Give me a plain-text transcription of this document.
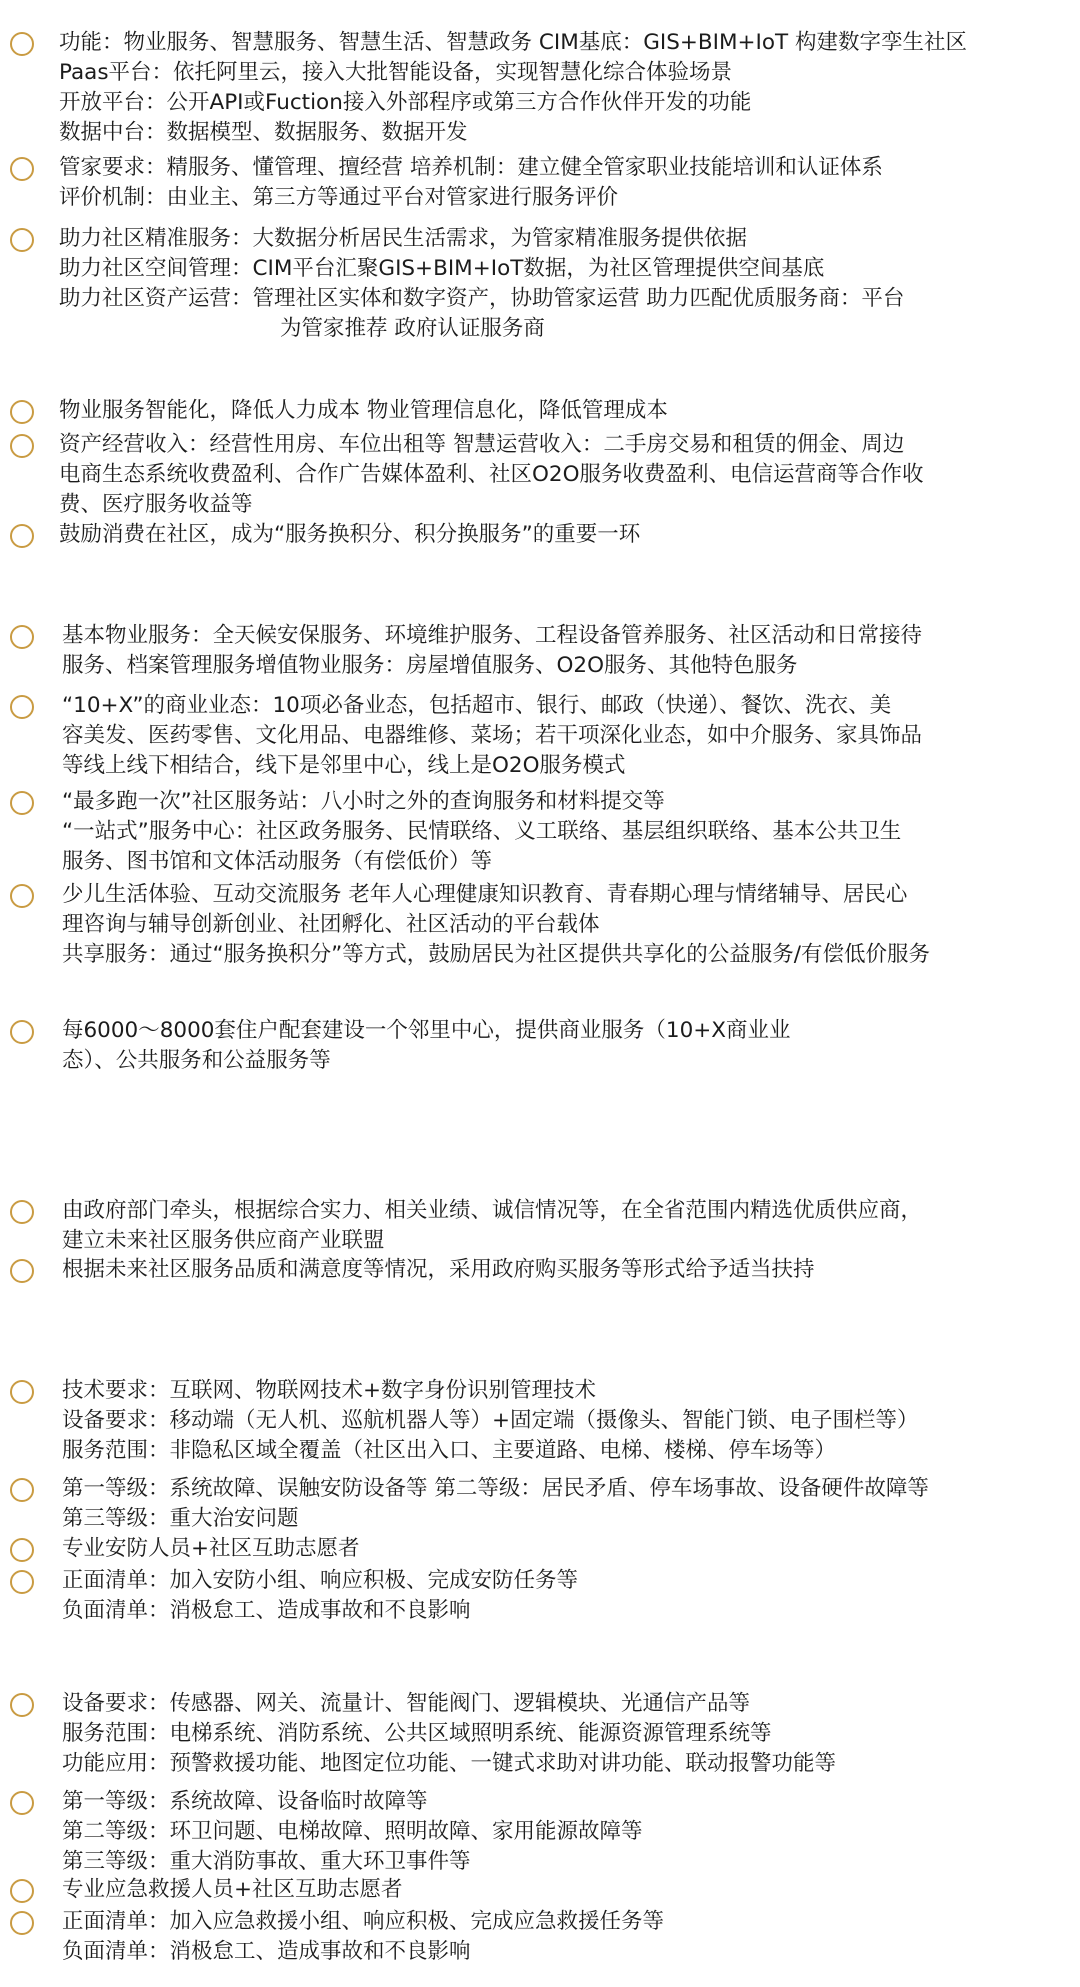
功能：物业服务、智慧服务、智慧生活、智慧政务 CIM基底：GIS+BIM+IoT 构建数字孪生社区
Paas平台：依托阿里云，接入大批智能设备，实现智慧化综合体验场景
开放平台：公开API或Fuction接入外部程序或第三方合作伙伴开发的功能
数据中台：数据模型、数据服务、数据开发
管家要求：精服务、懂管理、擅经营 培养机制：建立健全管家职业技能培训和认证体系
评价机制：由业主、第三方等通过平台对管家进行服务评价
助力社区精准服务：大数据分析居民生活需求，为管家精准服务提供依据
助力社区空间管理：CIM平台汇聚GIS+BIM+IoT数据，为社区管理提供空间基底
助力社区资产运营：管理社区实体和数字资产，协助管家运营 助力匹配优质服务商：平台
为管家推荐 政府认证服务商
物业服务智能化，降低人力成本 物业管理信息化，降低管理成本
资产经营收入：经营性用房、车位出租等 智慧运营收入：二手房交易和租赁的佣金、周边
电商生态系统收费盈利、合作广告媒体盈利、社区O2O服务收费盈利、电信运营商等合作收
费、医疗服务收益等
鼓励消费在社区，成为“服务换积分、积分换服务”的重要一环
基本物业服务：全天候安保服务、环境维护服务、工程设备管养服务、社区活动和日常接待
服务、档案管理服务增值物业服务：房屋增值服务、O2O服务、其他特色服务
“10+X”的商业业态：10项必备业态，包括超市、银行、邮政（快递）、餐饮、洗衣、美
容美发、医药零售、文化用品、电器维修、菜场；若干项深化业态，如中介服务、家具饰品
等线上线下相结合，线下是邻里中心，线上是O2O服务模式
“最多跑一次”社区服务站：八小时之外的查询服务和材料提交等
“一站式”服务中心：社区政务服务、民情联络、义工联络、基层组织联络、基本公共卫生
服务、图书馆和文体活动服务（有偿低价）等
少儿生活体验、互动交流服务 老年人心理健康知识教育、青春期心理与情绪辅导、居民心
理咨询与辅导创新创业、社团孵化、社区活动的平台载体
共享服务：通过“服务换积分”等方式，鼓励居民为社区提供共享化的公益服务/有偿低价服务
每6000～8000套住户配套建设一个邻里中心，提供商业服务（10+X商业业
态）、公共服务和公益服务等
由政府部门牵头，根据综合实力、相关业绩、诚信情况等，在全省范围内精选优质供应商，
建立未来社区服务供应商产业联盟
根据未来社区服务品质和满意度等情况，采用政府购买服务等形式给予适当扶持
技术要求：互联网、物联网技术+数字身份识别管理技术
设备要求：移动端（无人机、巡航机器人等）+固定端（摄像头、智能门锁、电子围栏等）
服务范围：非隐私区域全覆盖（社区出入口、主要道路、电梯、楼梯、停车场等）
第一等级：系统故障、误触安防设备等 第二等级：居民矛盾、停车场事故、设备硬件故障等
第三等级：重大治安问题
专业安防人员+社区互助志愿者
正面清单：加入安防小组、响应积极、完成安防任务等
负面清单：消极怠工、造成事故和不良影响
设备要求：传感器、网关、流量计、智能阀门、逻辑模块、光通信产品等
服务范围：电梯系统、消防系统、公共区域照明系统、能源资源管理系统等
功能应用：预警救援功能、地图定位功能、一键式求助对讲功能、联动报警功能等
第一等级：系统故障、设备临时故障等
第二等级：环卫问题、电梯故障、照明故障、家用能源故障等
第三等级：重大消防事故、重大环卫事件等
专业应急救援人员+社区互助志愿者
正面清单：加入应急救援小组、响应积极、完成应急救援任务等
负面清单：消极怠工、造成事故和不良影响
